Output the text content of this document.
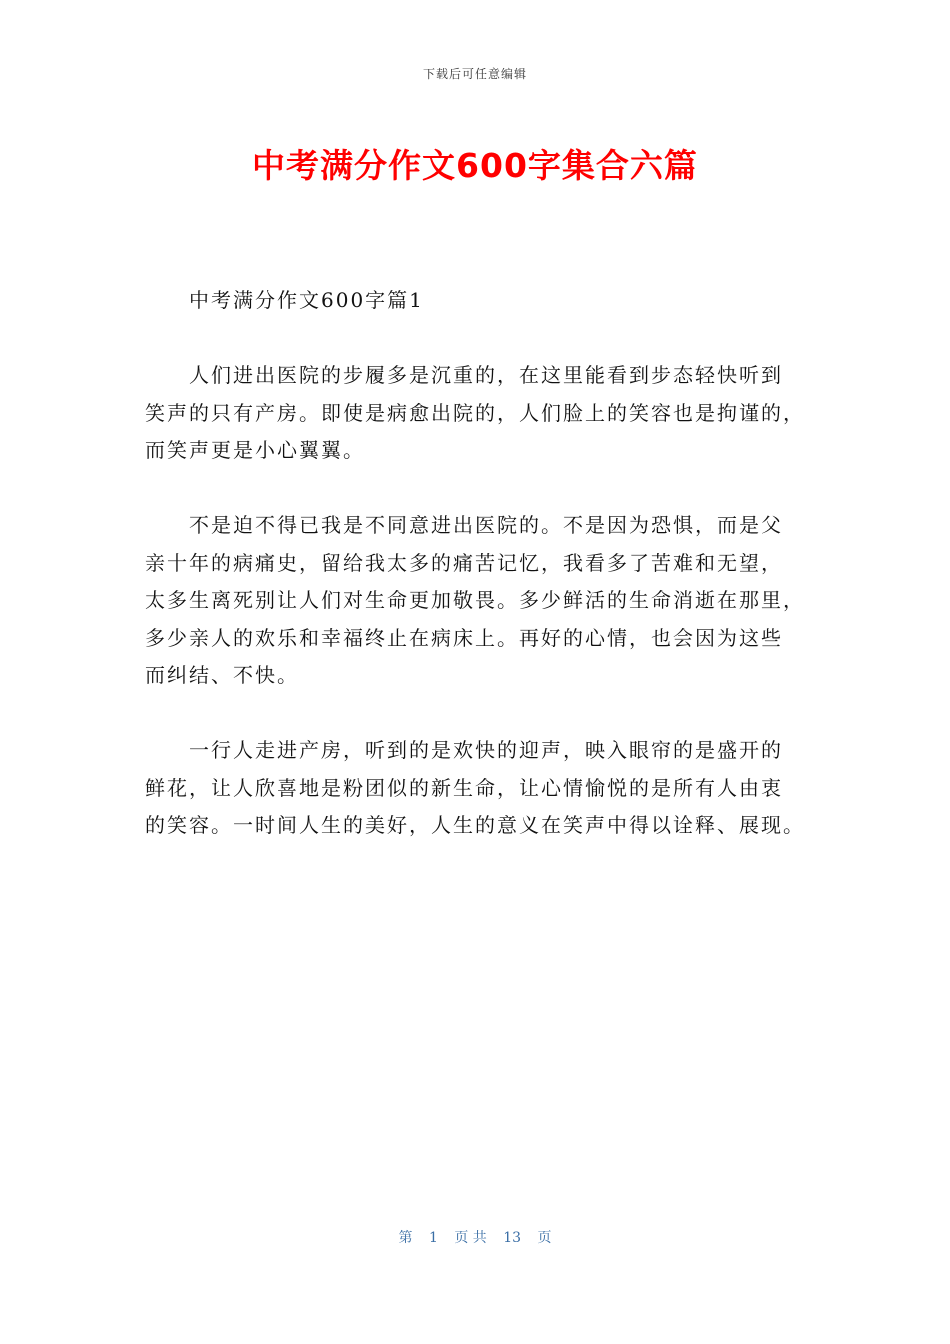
下载后可任意编辑
中考满分作文600字集合六篇
中考满分作文600字篇1
人们进出医院的步履多是沉重的，在这里能看到步态轻快听到
笑声的只有产房。即使是病愈出院的，人们脸上的笑容也是拘谨的，
而笑声更是小心翼翼。
不是迫不得已我是不同意进出医院的。不是因为恐惧，而是父
亲十年的病痛史，留给我太多的痛苦记忆，我看多了苦难和无望，
太多生离死别让人们对生命更加敬畏。多少鲜活的生命消逝在那里，
多少亲人的欢乐和幸福终止在病床上。再好的心情，也会因为这些
而纠结、不快。
一行人走进产房，听到的是欢快的迎声，映入眼帘的是盛开的
鲜花，让人欣喜地是粉团似的新生命，让心情愉悦的是所有人由衷
的笑容。一时间人生的美好，人生的意义在笑声中得以诠释、展现。
第 1 页 共 13 页
